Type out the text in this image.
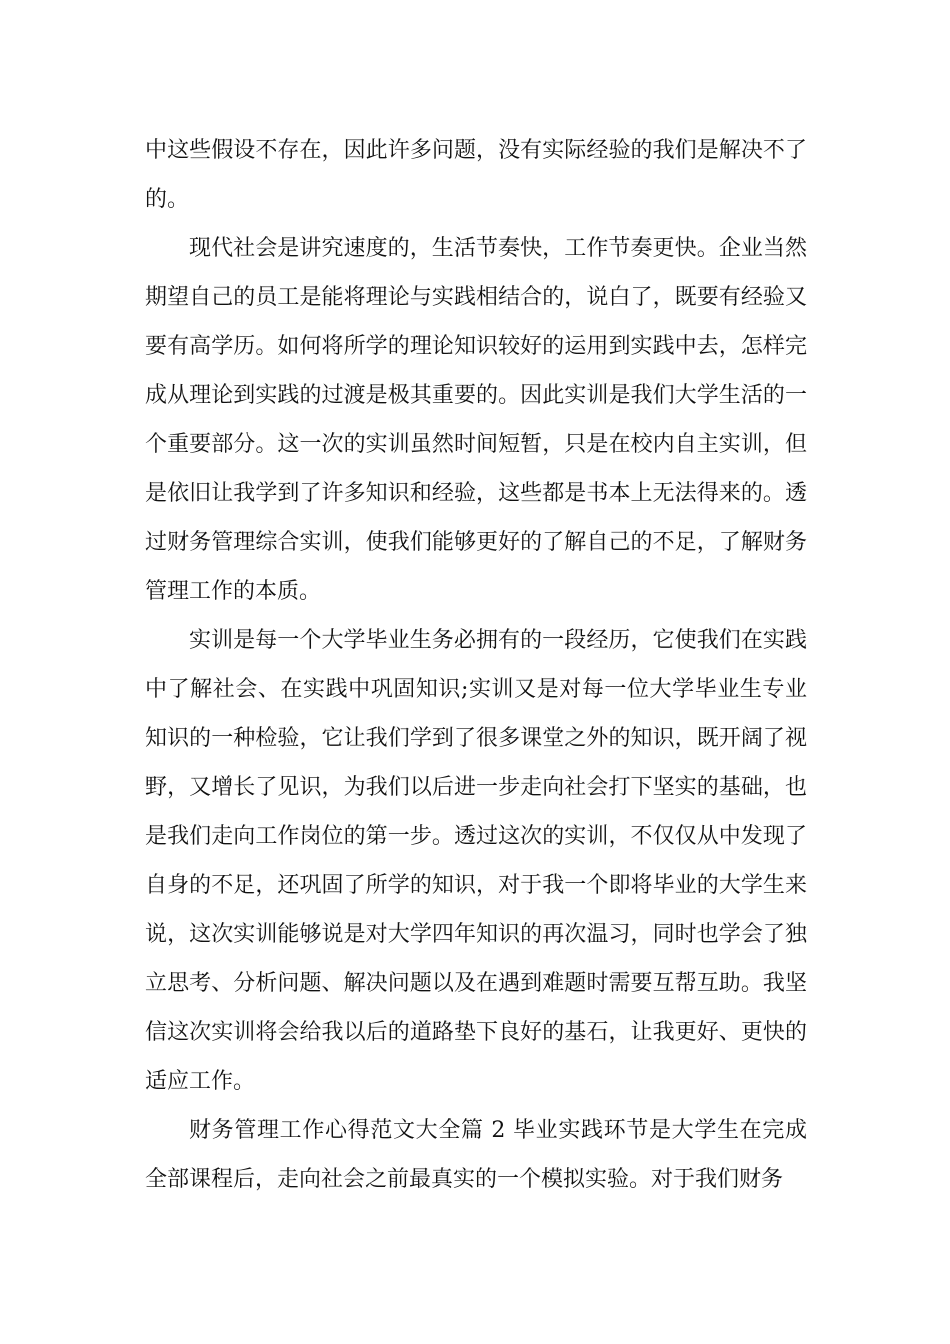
中这些假设不存在，因此许多问题，没有实际经验的我们是解决不了的。

现代社会是讲究速度的，生活节奏快，工作节奏更快。企业当然期望自己的员工是能将理论与实践相结合的，说白了，既要有经验又要有高学历。如何将所学的理论知识较好的运用到实践中去，怎样完成从理论到实践的过渡是极其重要的。因此实训是我们大学生活的一个重要部分。这一次的实训虽然时间短暂，只是在校内自主实训，但是依旧让我学到了许多知识和经验，这些都是书本上无法得来的。透过财务管理综合实训，使我们能够更好的了解自己的不足，了解财务管理工作的本质。

实训是每一个大学毕业生务必拥有的一段经历，它使我们在实践中了解社会、在实践中巩固知识;实训又是对每一位大学毕业生专业知识的一种检验，它让我们学到了很多课堂之外的知识，既开阔了视野，又增长了见识，为我们以后进一步走向社会打下坚实的基础，也是我们走向工作岗位的第一步。透过这次的实训，不仅仅从中发现了自身的不足，还巩固了所学的知识，对于我一个即将毕业的大学生来说，这次实训能够说是对大学四年知识的再次温习，同时也学会了独立思考、分析问题、解决问题以及在遇到难题时需要互帮互助。我坚信这次实训将会给我以后的道路垫下良好的基石，让我更好、更快的适应工作。

财务管理工作心得范文大全篇 2 毕业实践环节是大学生在完成全部课程后，走向社会之前最真实的一个模拟实验。对于我们财务
